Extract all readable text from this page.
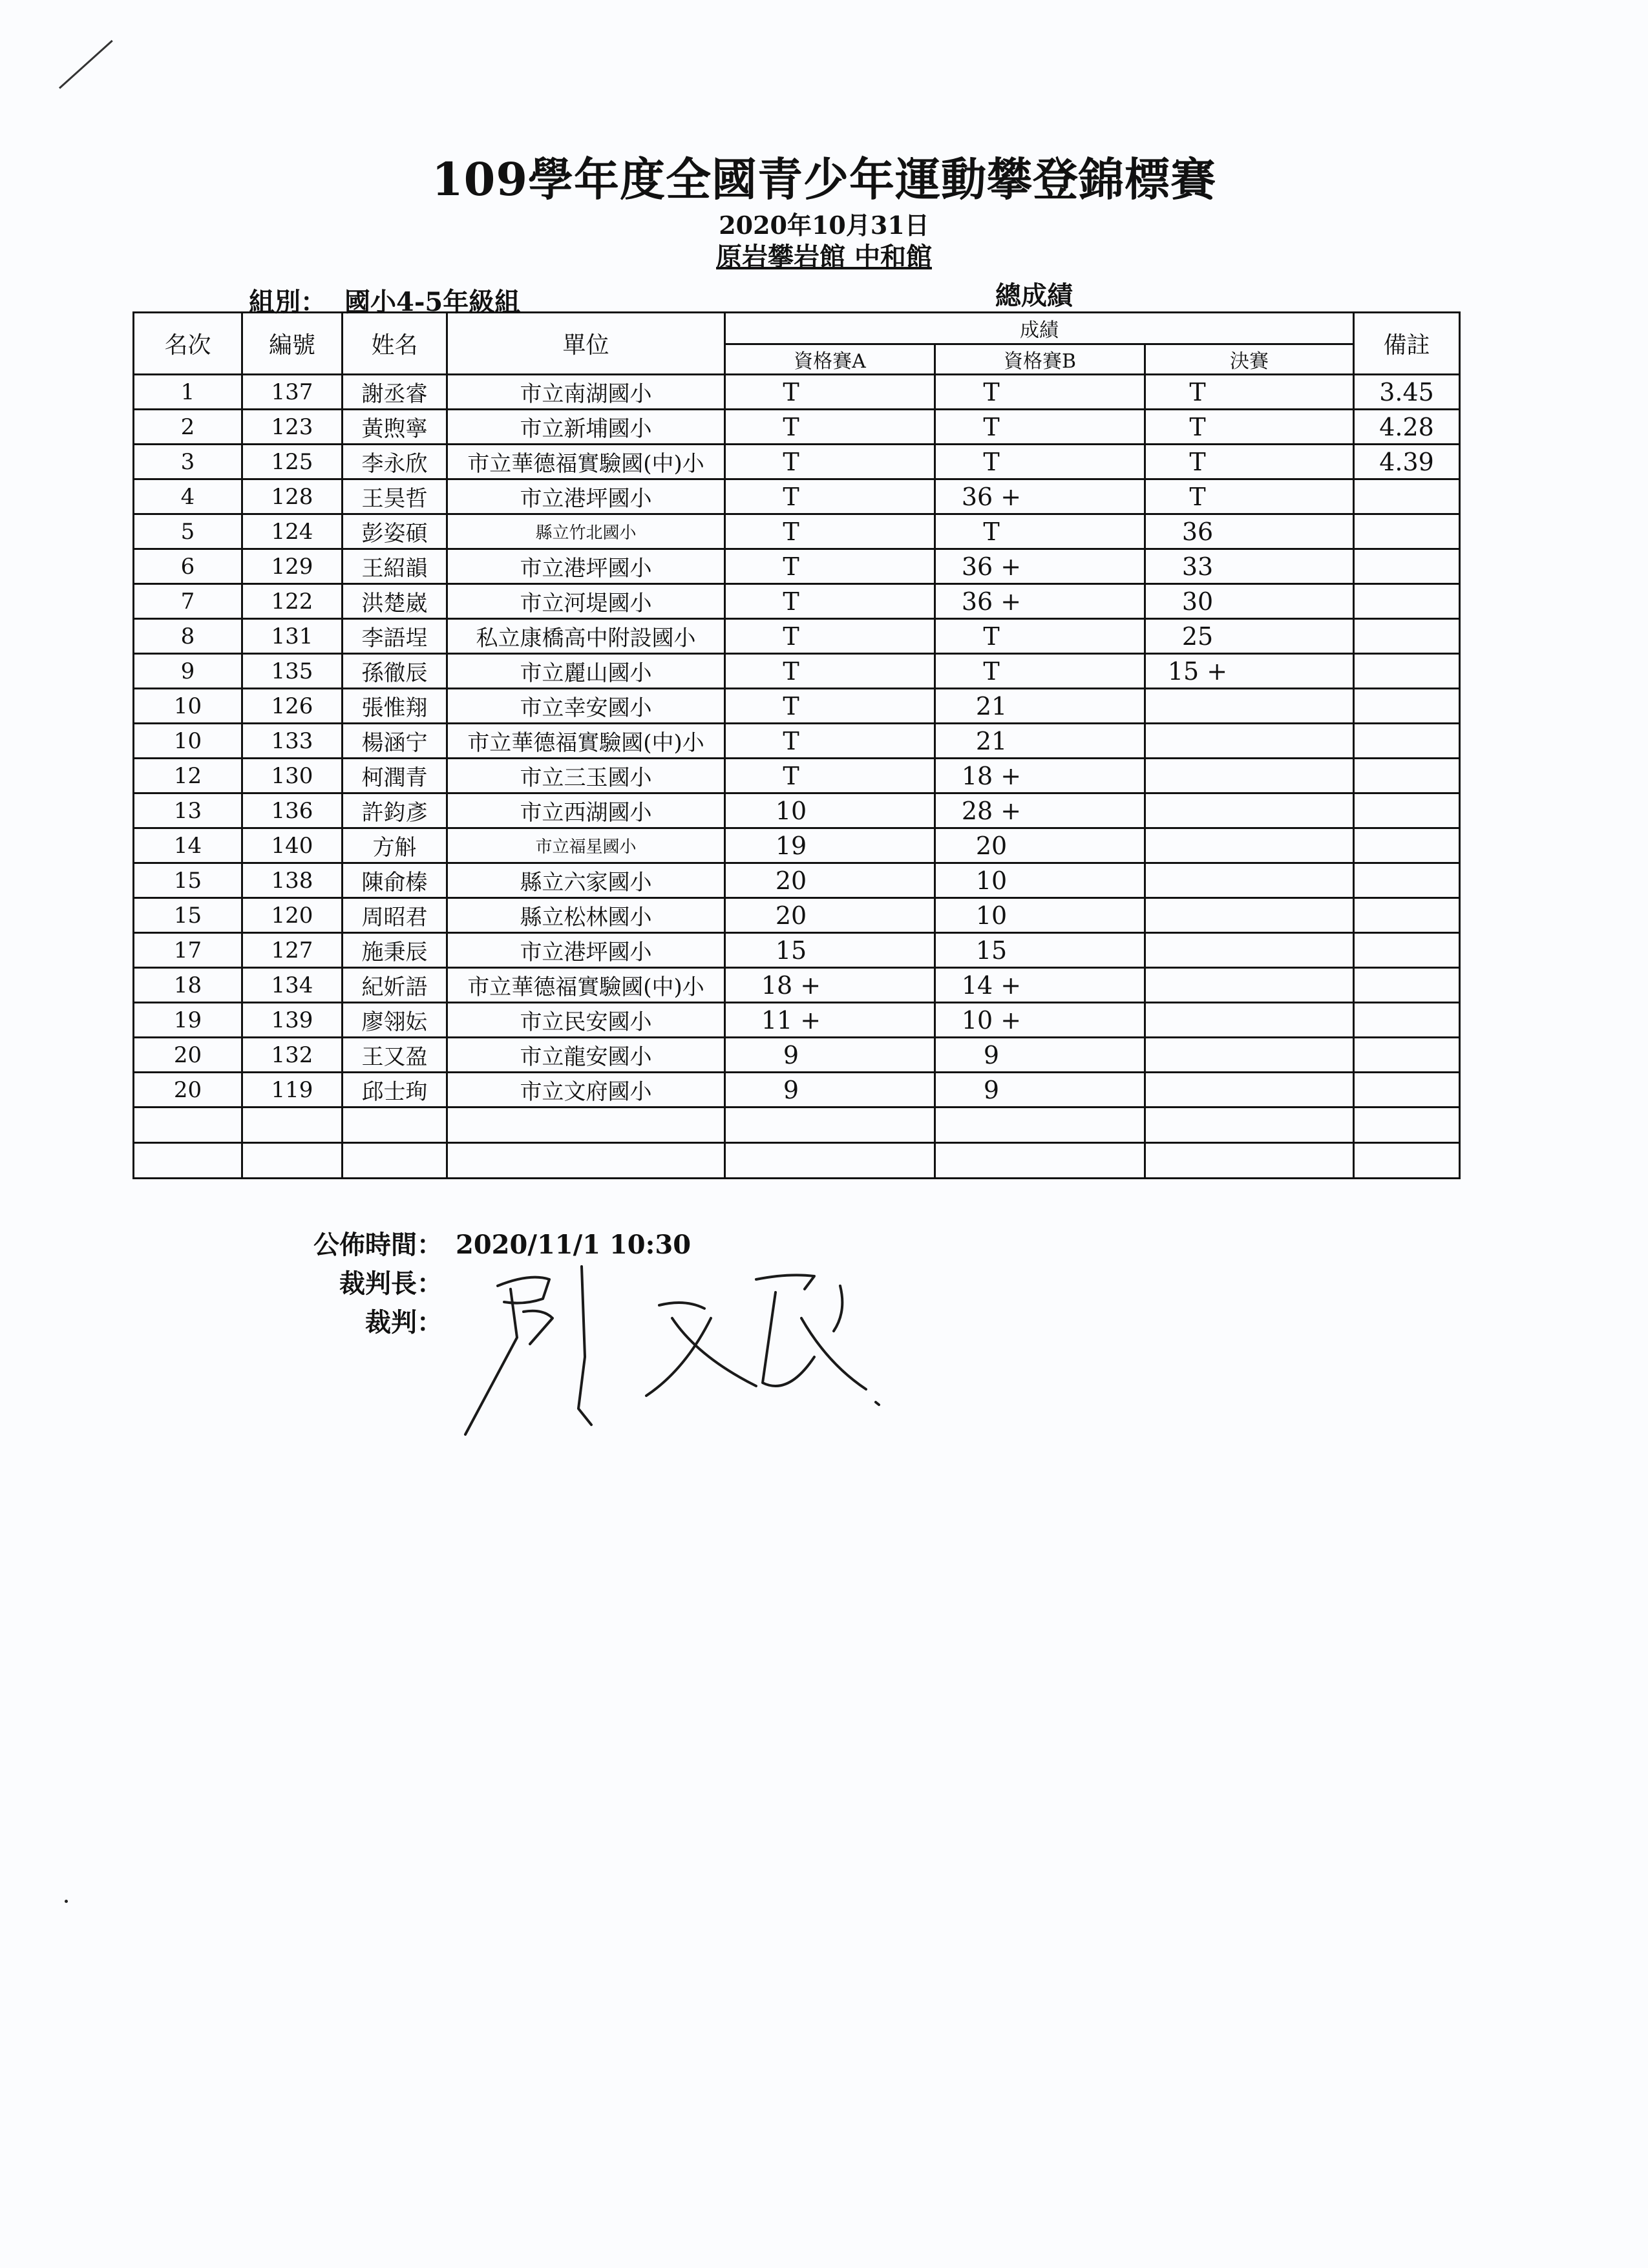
109學年度全國青少年運動攀登錦標賽
2020年10月31日
原岩攀岩館 中和館
組別： 國小4-5年級組	總成績
名次	編號	姓名	單位	成績			備註
				資格賽A	資格賽B	決賽	
1	137	謝丞睿	市立南湖國小	T	T	T	3.45
2	123	黃煦寧	市立新埔國小	T	T	T	4.28
3	125	李永欣	市立華德福實驗國(中)小	T	T	T	4.39
4	128	王昊哲	市立港坪國小	T	36 +	T	
5	124	彭姿碩	縣立竹北國小	T	T	36	
6	129	王紹韻	市立港坪國小	T	36 +	33	
7	122	洪楚崴	市立河堤國小	T	36 +	30	
8	131	李語埕	私立康橋高中附設國小	T	T	25	
9	135	孫徹辰	市立麗山國小	T	T	15 +	
10	126	張惟翔	市立幸安國小	T	21		
10	133	楊涵宁	市立華德福實驗國(中)小	T	21		
12	130	柯潤青	市立三玉國小	T	18 +		
13	136	許鈞彥	市立西湖國小	10	28 +		
14	140	方斛	市立福星國小	19	20		
15	138	陳俞榛	縣立六家國小	20	10		
15	120	周昭君	縣立松林國小	20	10		
17	127	施秉辰	市立港坪國小	15	15		
18	134	紀妡語	市立華德福實驗國(中)小	18 +	14 +		
19	139	廖翎妘	市立民安國小	11 +	10 +		
20	132	王又盈	市立龍安國小	9	9		
20	119	邱士珣	市立文府國小	9	9		

公佈時間： 2020/11/1 10:30
裁判長：
裁判：
